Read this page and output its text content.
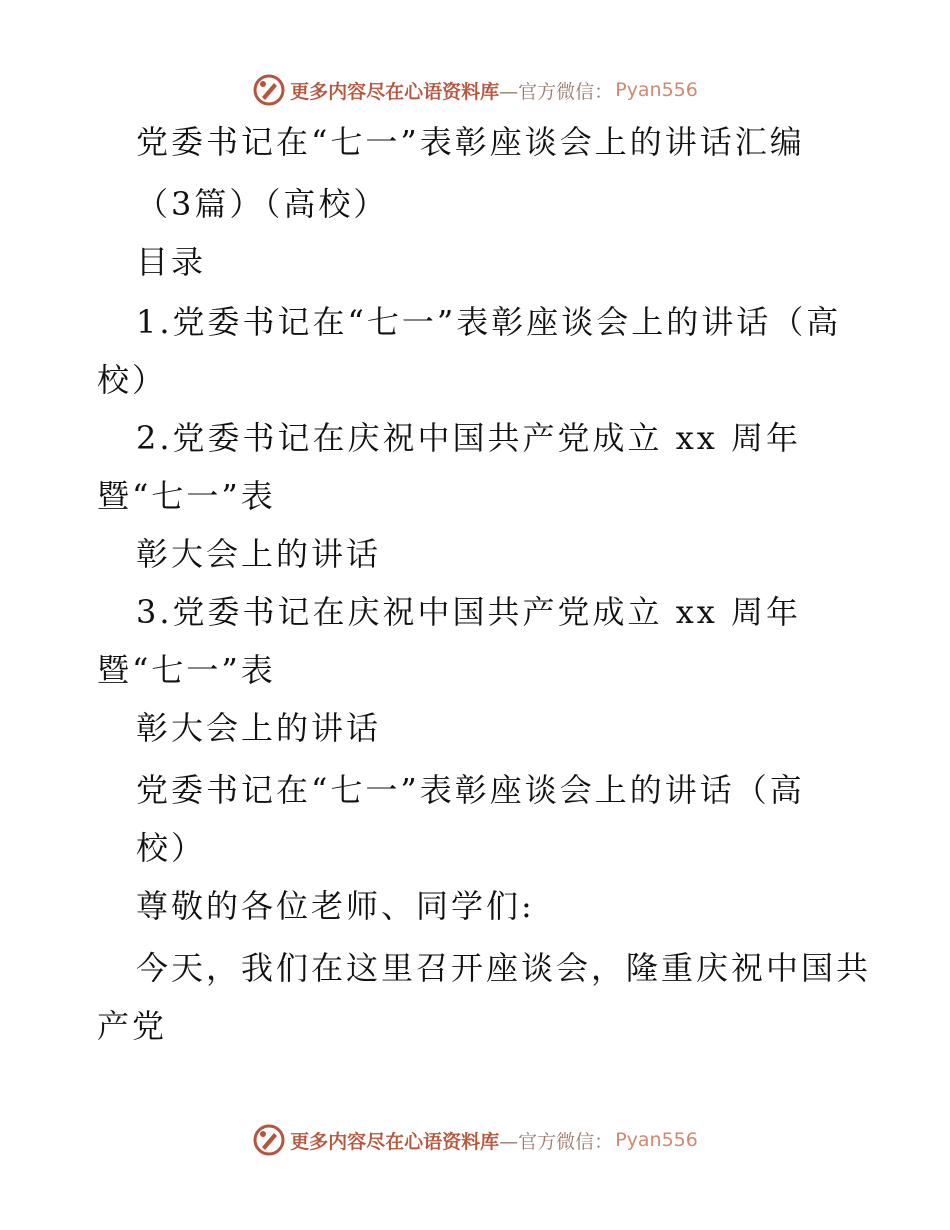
更多内容尽在心语资料库 —官方微信： Pyan556
党委书记在“七一”表彰座谈会上的讲话汇编
（3篇）（高校）
目录
1.党委书记在“七一”表彰座谈会上的讲话（高
校）
2.党委书记在庆祝中国共产党成立 xx 周年
暨“七一”表
彰大会上的讲话
3.党委书记在庆祝中国共产党成立 xx 周年
暨“七一”表
彰大会上的讲话
党委书记在“七一”表彰座谈会上的讲话（高
校）
尊敬的各位老师、同学们:
今天，我们在这里召开座谈会，隆重庆祝中国共
产党
更多内容尽在心语资料库 —官方微信： Pyan556
